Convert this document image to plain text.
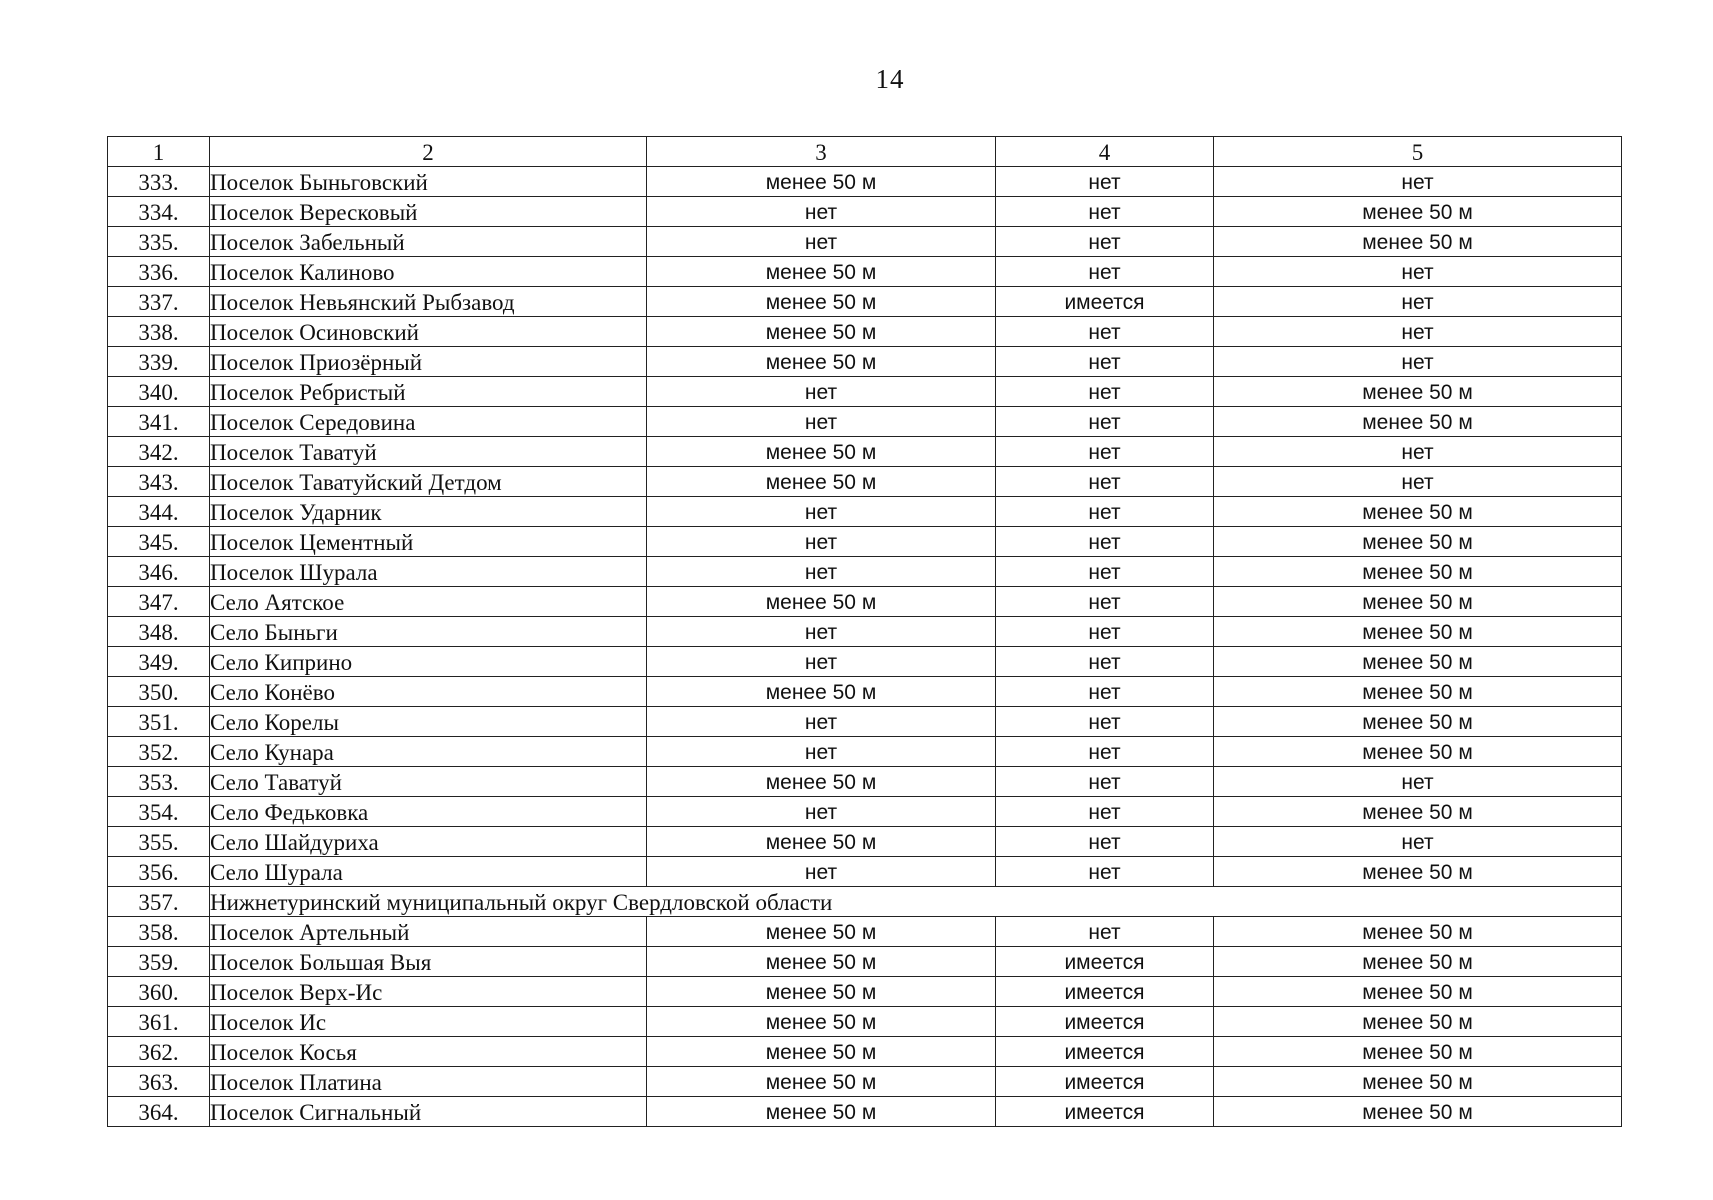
14
1	2	3	4	5
333.	Поселок Быньговский	менее 50 м	нет	нет
334.	Поселок Вересковый	нет	нет	менее 50 м
335.	Поселок Забельный	нет	нет	менее 50 м
336.	Поселок Калиново	менее 50 м	нет	нет
337.	Поселок Невьянский Рыбзавод	менее 50 м	имеется	нет
338.	Поселок Осиновский	менее 50 м	нет	нет
339.	Поселок Приозёрный	менее 50 м	нет	нет
340.	Поселок Ребристый	нет	нет	менее 50 м
341.	Поселок Середовина	нет	нет	менее 50 м
342.	Поселок Таватуй	менее 50 м	нет	нет
343.	Поселок Таватуйский Детдом	менее 50 м	нет	нет
344.	Поселок Ударник	нет	нет	менее 50 м
345.	Поселок Цементный	нет	нет	менее 50 м
346.	Поселок Шурала	нет	нет	менее 50 м
347.	Село Аятское	менее 50 м	нет	менее 50 м
348.	Село Быньги	нет	нет	менее 50 м
349.	Село Киприно	нет	нет	менее 50 м
350.	Село Конёво	менее 50 м	нет	менее 50 м
351.	Село Корелы	нет	нет	менее 50 м
352.	Село Кунара	нет	нет	менее 50 м
353.	Село Таватуй	менее 50 м	нет	нет
354.	Село Федьковка	нет	нет	менее 50 м
355.	Село Шайдуриха	менее 50 м	нет	нет
356.	Село Шурала	нет	нет	менее 50 м
357.	Нижнетуринский муниципальный округ Свердловской области			
358.	Поселок Артельный	менее 50 м	нет	менее 50 м
359.	Поселок Большая Выя	менее 50 м	имеется	менее 50 м
360.	Поселок Верх-Ис	менее 50 м	имеется	менее 50 м
361.	Поселок Ис	менее 50 м	имеется	менее 50 м
362.	Поселок Косья	менее 50 м	имеется	менее 50 м
363.	Поселок Платина	менее 50 м	имеется	менее 50 м
364.	Поселок Сигнальный	менее 50 м	имеется	менее 50 м
